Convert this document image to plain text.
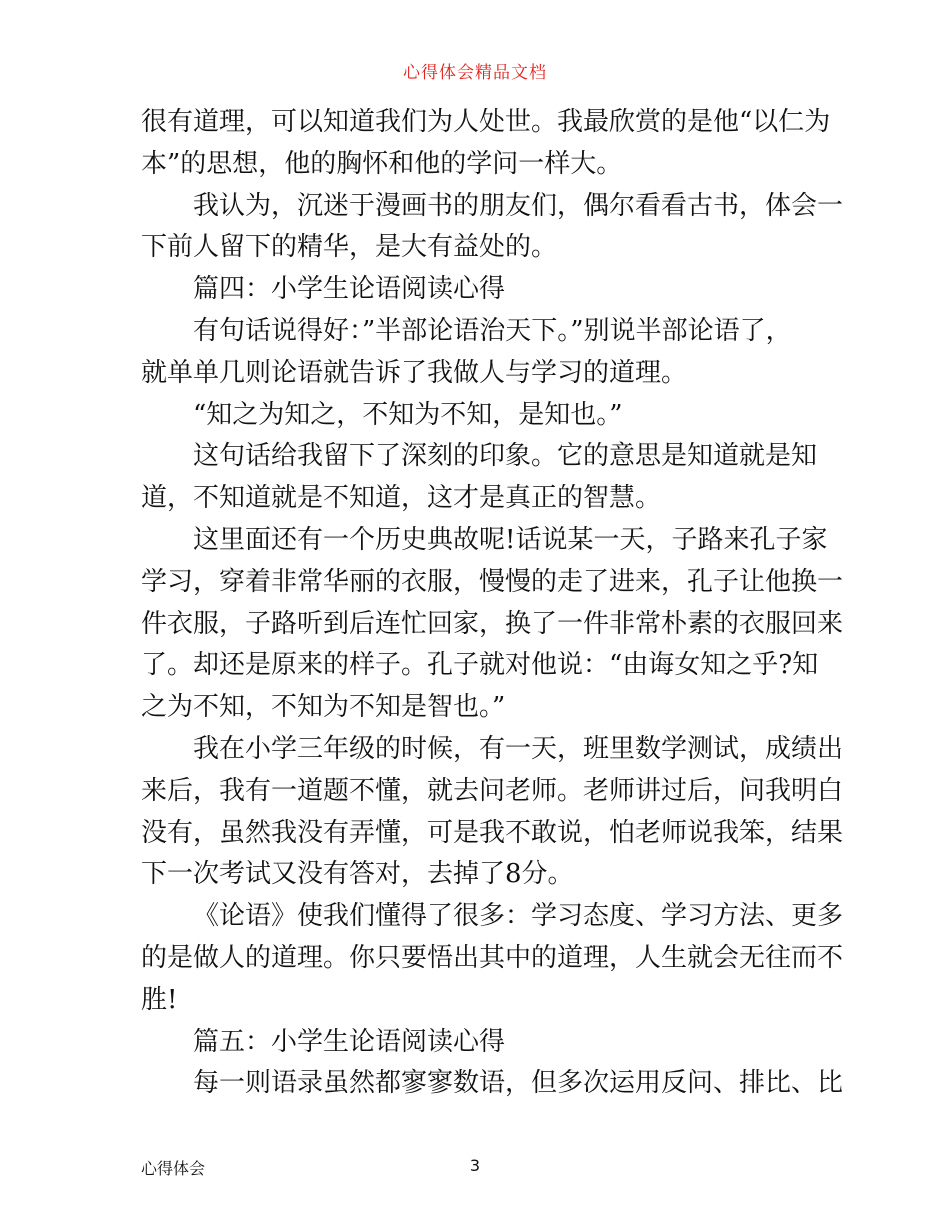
心得体会精品文档
很有道理，可以知道我们为人处世。我最欣赏的是他“以仁为
本”的思想，他的胸怀和他的学问一样大。
我认为，沉迷于漫画书的朋友们，偶尔看看古书，体会一
下前人留下的精华，是大有益处的。
篇四：小学生论语阅读心得
有句话说得好：”半部论语治天下。”别说半部论语了，
就单单几则论语就告诉了我做人与学习的道理。
“知之为知之，不知为不知，是知也。”
这句话给我留下了深刻的印象。它的意思是知道就是知
道，不知道就是不知道，这才是真正的智慧。
这里面还有一个历史典故呢!话说某一天，子路来孔子家
学习，穿着非常华丽的衣服，慢慢的走了进来，孔子让他换一
件衣服，子路听到后连忙回家，换了一件非常朴素的衣服回来
了。却还是原来的样子。孔子就对他说：“由诲女知之乎?知
之为不知，不知为不知是智也。”
我在小学三年级的时候，有一天，班里数学测试，成绩出
来后，我有一道题不懂，就去问老师。老师讲过后，问我明白
没有，虽然我没有弄懂，可是我不敢说，怕老师说我笨，结果
下一次考试又没有答对，去掉了8分。
《论语》使我们懂得了很多：学习态度、学习方法、更多
的是做人的道理。你只要悟出其中的道理，人生就会无往而不
胜!
篇五：小学生论语阅读心得
每一则语录虽然都寥寥数语，但多次运用反问、排比、比
心得体会	3
